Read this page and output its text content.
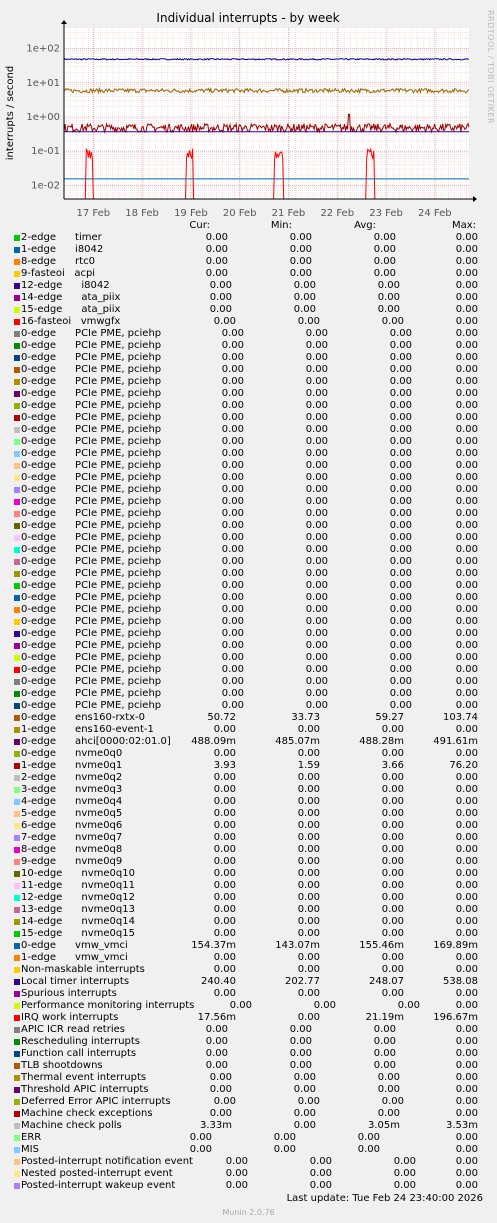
1e-02
1e-01
1e+00
1e+01
1e+02
17 Feb 18 Feb 19 Feb 20 Feb 21 Feb 22 Feb 23 Feb 24 Feb
Individual interrupts - by week
interrupts / second	RRDTOOL / TOBI OETIKER
Cur:	Min:	Avg:	Max:
2-edge      timer	0.00	0.00	0.00	0.00
1-edge      i8042	0.00	0.00	0.00	0.00
8-edge      rtc0	0.00	0.00	0.00	0.00
9-fasteoi   acpi	0.00	0.00	0.00	0.00
12-edge      i8042	0.00	0.00	0.00	0.00
14-edge      ata_piix	0.00	0.00	0.00	0.00
15-edge      ata_piix	0.00	0.00	0.00	0.00
16-fasteoi   vmwgfx	0.00	0.00	0.00	0.00
0-edge      PCIe PME, pciehp	0.00	0.00	0.00	0.00
0-edge      PCIe PME, pciehp	0.00	0.00	0.00	0.00
0-edge      PCIe PME, pciehp	0.00	0.00	0.00	0.00
0-edge      PCIe PME, pciehp	0.00	0.00	0.00	0.00
0-edge      PCIe PME, pciehp	0.00	0.00	0.00	0.00
0-edge      PCIe PME, pciehp	0.00	0.00	0.00	0.00
0-edge      PCIe PME, pciehp	0.00	0.00	0.00	0.00
0-edge      PCIe PME, pciehp	0.00	0.00	0.00	0.00
0-edge      PCIe PME, pciehp	0.00	0.00	0.00	0.00
0-edge      PCIe PME, pciehp	0.00	0.00	0.00	0.00
0-edge      PCIe PME, pciehp	0.00	0.00	0.00	0.00
0-edge      PCIe PME, pciehp	0.00	0.00	0.00	0.00
0-edge      PCIe PME, pciehp	0.00	0.00	0.00	0.00
0-edge      PCIe PME, pciehp	0.00	0.00	0.00	0.00
0-edge      PCIe PME, pciehp	0.00	0.00	0.00	0.00
0-edge      PCIe PME, pciehp	0.00	0.00	0.00	0.00
0-edge      PCIe PME, pciehp	0.00	0.00	0.00	0.00
0-edge      PCIe PME, pciehp	0.00	0.00	0.00	0.00
0-edge      PCIe PME, pciehp	0.00	0.00	0.00	0.00
0-edge      PCIe PME, pciehp	0.00	0.00	0.00	0.00
0-edge      PCIe PME, pciehp	0.00	0.00	0.00	0.00
0-edge      PCIe PME, pciehp	0.00	0.00	0.00	0.00
0-edge      PCIe PME, pciehp	0.00	0.00	0.00	0.00
0-edge      PCIe PME, pciehp	0.00	0.00	0.00	0.00
0-edge      PCIe PME, pciehp	0.00	0.00	0.00	0.00
0-edge      PCIe PME, pciehp	0.00	0.00	0.00	0.00
0-edge      PCIe PME, pciehp	0.00	0.00	0.00	0.00
0-edge      PCIe PME, pciehp	0.00	0.00	0.00	0.00
0-edge      PCIe PME, pciehp	0.00	0.00	0.00	0.00
0-edge      PCIe PME, pciehp	0.00	0.00	0.00	0.00
0-edge      PCIe PME, pciehp	0.00	0.00	0.00	0.00
0-edge      PCIe PME, pciehp	0.00	0.00	0.00	0.00
0-edge      ens160-rxtx-0	50.72	33.73	59.27	103.74
1-edge      ens160-event-1	0.00	0.00	0.00	0.00
0-edge      ahci[0000:02:01.0]	488.09m	485.07m	488.28m	491.61m
0-edge      nvme0q0	0.00	0.00	0.00	0.00
1-edge      nvme0q1	3.93	1.59	3.66	76.20
2-edge      nvme0q2	0.00	0.00	0.00	0.00
3-edge      nvme0q3	0.00	0.00	0.00	0.00
4-edge      nvme0q4	0.00	0.00	0.00	0.00
5-edge      nvme0q5	0.00	0.00	0.00	0.00
6-edge      nvme0q6	0.00	0.00	0.00	0.00
7-edge      nvme0q7	0.00	0.00	0.00	0.00
8-edge      nvme0q8	0.00	0.00	0.00	0.00
9-edge      nvme0q9	0.00	0.00	0.00	0.00
10-edge      nvme0q10	0.00	0.00	0.00	0.00
11-edge      nvme0q11	0.00	0.00	0.00	0.00
12-edge      nvme0q12	0.00	0.00	0.00	0.00
13-edge      nvme0q13	0.00	0.00	0.00	0.00
14-edge      nvme0q14	0.00	0.00	0.00	0.00
15-edge      nvme0q15	0.00	0.00	0.00	0.00
0-edge      vmw_vmci	154.37m	143.07m	155.46m	169.89m
1-edge      vmw_vmci	0.00	0.00	0.00	0.00
Non-maskable interrupts	0.00	0.00	0.00	0.00
Local timer interrupts	240.40	202.77	248.07	538.08
Spurious interrupts	0.00	0.00	0.00	0.00
Performance monitoring interrupts	0.00	0.00	0.00	0.00
IRQ work interrupts	17.56m	0.00	21.19m	196.67m
APIC ICR read retries	0.00	0.00	0.00	0.00
Rescheduling interrupts	0.00	0.00	0.00	0.00
Function call interrupts	0.00	0.00	0.00	0.00
TLB shootdowns	0.00	0.00	0.00	0.00
Thermal event interrupts	0.00	0.00	0.00	0.00
Threshold APIC interrupts	0.00	0.00	0.00	0.00
Deferred Error APIC interrupts	0.00	0.00	0.00	0.00
Machine check exceptions	0.00	0.00	0.00	0.00
Machine check polls	3.33m	0.00	3.05m	3.53m
ERR	0.00	0.00	0.00	0.00
MIS	0.00	0.00	0.00	0.00
Posted-interrupt notification event	0.00	0.00	0.00	0.00
Nested posted-interrupt event	0.00	0.00	0.00	0.00
Posted-interrupt wakeup event	0.00	0.00	0.00	0.00
Last update: Tue Feb 24 23:40:00 2026
Munin 2.0.76
